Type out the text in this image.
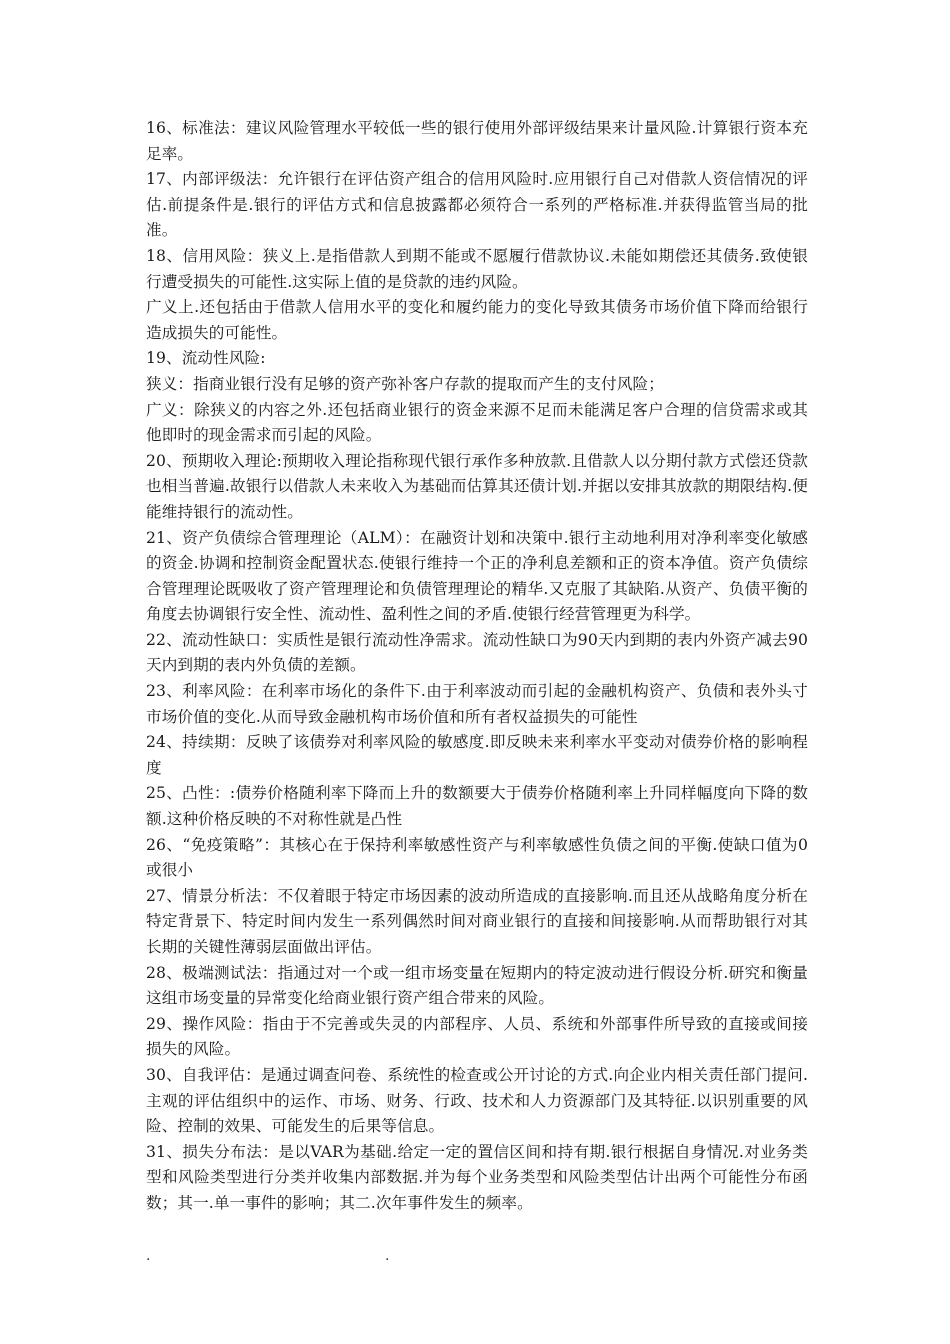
16、标准法：建议风险管理水平较低一些的银行使用外部评级结果来计量风险.计算银行资本充足率。

17、内部评级法：允许银行在评估资产组合的信用风险时.应用银行自己对借款人资信情况的评估.前提条件是.银行的评估方式和信息披露都必须符合一系列的严格标准.并获得监管当局的批准。

18、信用风险：狭义上.是指借款人到期不能或不愿履行借款协议.未能如期偿还其债务.致使银行遭受损失的可能性.这实际上值的是贷款的违约风险。

广义上.还包括由于借款人信用水平的变化和履约能力的变化导致其债务市场价值下降而给银行造成损失的可能性。

19、流动性风险:

狭义：指商业银行没有足够的资产弥补客户存款的提取而产生的支付风险；

广义：除狭义的内容之外.还包括商业银行的资金来源不足而未能满足客户合理的信贷需求或其他即时的现金需求而引起的风险。

20、预期收入理论:预期收入理论指称现代银行承作多种放款.且借款人以分期付款方式偿还贷款也相当普遍.故银行以借款人未来收入为基础而估算其还债计划.并据以安排其放款的期限结构.便能维持银行的流动性。

21、资产负债综合管理理论（ALM）：在融资计划和决策中.银行主动地利用对净利率变化敏感的资金.协调和控制资金配置状态.使银行维持一个正的净利息差额和正的资本净值。资产负债综合管理理论既吸收了资产管理理论和负债管理理论的精华.又克服了其缺陷.从资产、负债平衡的角度去协调银行安全性、流动性、盈利性之间的矛盾.使银行经营管理更为科学。

22、流动性缺口：实质性是银行流动性净需求。流动性缺口为90天内到期的表内外资产减去90天内到期的表内外负债的差额。

23、利率风险：在利率市场化的条件下.由于利率波动而引起的金融机构资产、负债和表外头寸市场价值的变化.从而导致金融机构市场价值和所有者权益损失的可能性

24、持续期：反映了该债券对利率风险的敏感度.即反映未来利率水平变动对债券价格的影响程度

25、凸性：:债券价格随利率下降而上升的数额要大于债券价格随利率上升同样幅度向下降的数额.这种价格反映的不对称性就是凸性

26、“免疫策略”：其核心在于保持利率敏感性资产与利率敏感性负债之间的平衡.使缺口值为0或很小

27、情景分析法：不仅着眼于特定市场因素的波动所造成的直接影响.而且还从战略角度分析在特定背景下、特定时间内发生一系列偶然时间对商业银行的直接和间接影响.从而帮助银行对其长期的关键性薄弱层面做出评估。

28、极端测试法：指通过对一个或一组市场变量在短期内的特定波动进行假设分析.研究和衡量这组市场变量的异常变化给商业银行资产组合带来的风险。

29、操作风险：指由于不完善或失灵的内部程序、人员、系统和外部事件所导致的直接或间接损失的风险。

30、自我评估：是通过调查问卷、系统性的检查或公开讨论的方式.向企业内相关责任部门提问.主观的评估组织中的运作、市场、财务、行政、技术和人力资源部门及其特征.以识别重要的风险、控制的效果、可能发生的后果等信息。

31、损失分布法：是以VAR为基础.给定一定的置信区间和持有期.银行根据自身情况.对业务类型和风险类型进行分类并收集内部数据.并为每个业务类型和风险类型估计出两个可能性分布函数；其一.单一事件的影响；其二.次年事件发生的频率。

.	.
